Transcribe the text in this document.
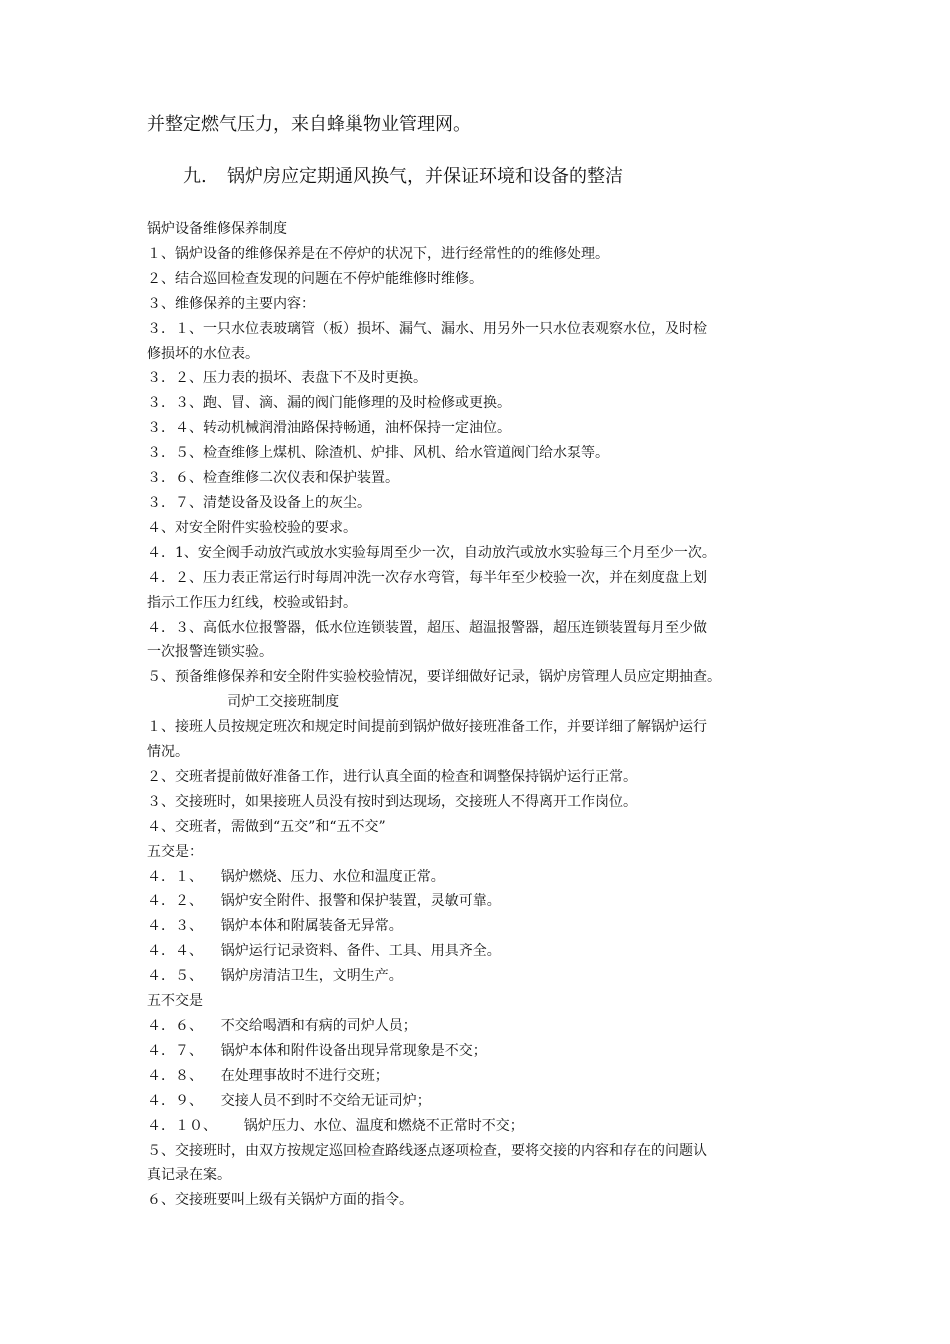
并整定燃气压力，来自蜂巢物业管理网。
九. 锅炉房应定期通风换气，并保证环境和设备的整洁
锅炉设备维修保养制度
１、锅炉设备的维修保养是在不停炉的状况下，进行经常性的的维修处理。
２、结合巡回检查发现的问题在不停炉能维修时维修。
３、维修保养的主要内容：
３．１、一只水位表玻璃管（板）损坏、漏气、漏水、用另外一只水位表观察水位，及时检
修损坏的水位表。
３．２、压力表的损坏、表盘下不及时更换。
３．３、跑、冒、滴、漏的阀门能修理的及时检修或更换。
３．４、转动机械润滑油路保持畅通，油杯保持一定油位。
３．５、检查维修上煤机、除渣机、炉排、风机、给水管道阀门给水泵等。
３．６、检查维修二次仪表和保护装置。
３．７、清楚设备及设备上的灰尘。
４、对安全附件实验校验的要求。
４．1、安全阀手动放汽或放水实验每周至少一次，自动放汽或放水实验每三个月至少一次。
４．２、压力表正常运行时每周冲洗一次存水弯管，每半年至少校验一次，并在刻度盘上划
指示工作压力红线，校验或铅封。
４．３、高低水位报警器，低水位连锁装置，超压、超温报警器，超压连锁装置每月至少做
一次报警连锁实验。
５、预备维修保养和安全附件实验校验情况，要详细做好记录，锅炉房管理人员应定期抽查。
司炉工交接班制度
１、接班人员按规定班次和规定时间提前到锅炉做好接班准备工作，并要详细了解锅炉运行
情况。
２、交班者提前做好准备工作，进行认真全面的检查和调整保持锅炉运行正常。
３、交接班时，如果接班人员没有按时到达现场，交接班人不得离开工作岗位。
４、交班者，需做到“五交”和“五不交”
五交是：
４．１、    锅炉燃烧、压力、水位和温度正常。
４．２、    锅炉安全附件、报警和保护装置，灵敏可靠。
４．３、    锅炉本体和附属装备无异常。
４．４、    锅炉运行记录资料、备件、工具、用具齐全。
４．５、    锅炉房清洁卫生，文明生产。
五不交是
４．６、    不交给喝酒和有病的司炉人员；
４．７、    锅炉本体和附件设备出现异常现象是不交；
４．８、    在处理事故时不进行交班；
４．９、    交接人员不到时不交给无证司炉；
４．１０、      锅炉压力、水位、温度和燃烧不正常时不交；
５、交接班时，由双方按规定巡回检查路线逐点逐项检查，要将交接的内容和存在的问题认
真记录在案。
６、交接班要叫上级有关锅炉方面的指令。
